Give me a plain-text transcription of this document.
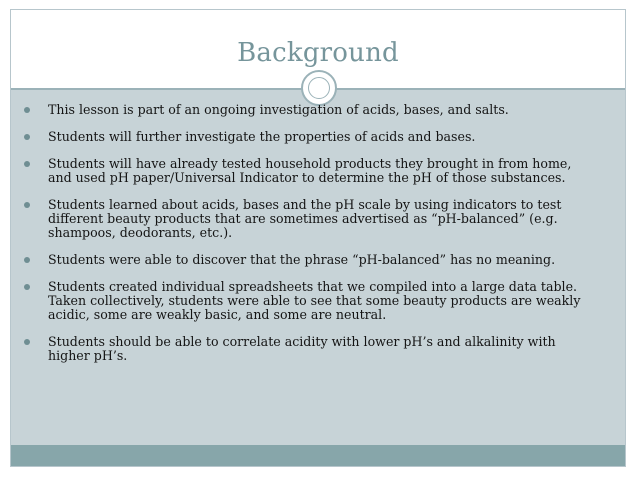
Background
This lesson is part of an ongoing investigation of acids, bases, and salts.
Students will further investigate the properties of acids and bases.
Students will have already tested household products they brought in from home, and used pH paper/Universal Indicator to determine the pH of those substances.
Students learned about acids, bases and the pH scale by using indicators to test different beauty products that are sometimes advertised as “pH-balanced” (e.g. shampoos, deodorants, etc.).
Students were able to discover that the phrase “pH-balanced” has no meaning.
Students created individual spreadsheets that we compiled into a large data table. Taken collectively, students were able to see that some beauty products are weakly acidic, some are weakly basic, and some are neutral.
Students should be able to correlate acidity with lower pH’s and alkalinity with higher pH’s.
